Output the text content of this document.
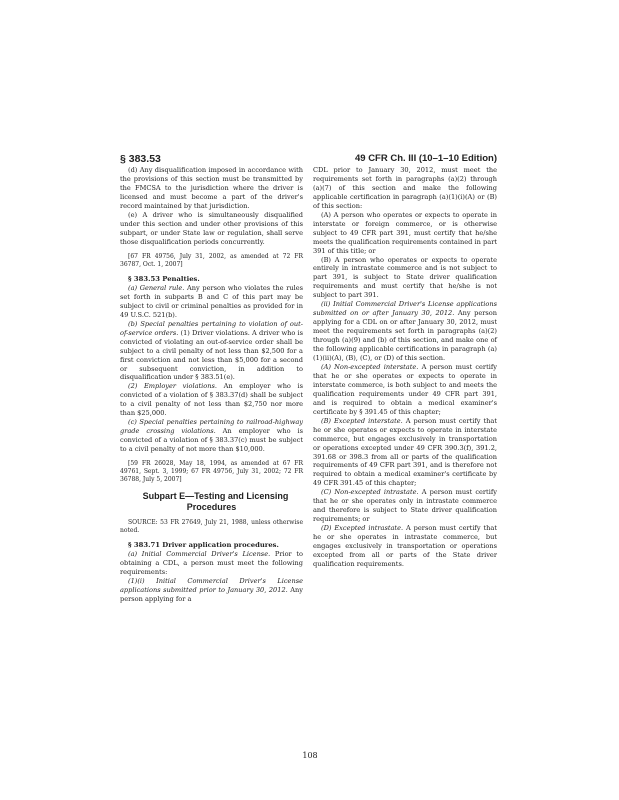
§ 383.53	49 CFR Ch. III (10–1–10 Edition)

(d) Any disqualification imposed in accordance with the provisions of this section must be transmitted by the FMCSA to the jurisdiction where the driver is licensed and must become a part of the driver's record maintained by that jurisdiction.

(e) A driver who is simultaneously disqualified under this section and under other provisions of this subpart, or under State law or regulation, shall serve those disqualification periods concurrently.

[67 FR 49756, July 31, 2002, as amended at 72 FR 36787, Oct. 1, 2007]

§ 383.53 Penalties.

(a) General rule. Any person who violates the rules set forth in subparts B and C of this part may be subject to civil or criminal penalties as provided for in 49 U.S.C. 521(b).

(b) Special penalties pertaining to violation of out-of-service orders. (1) Driver violations. A driver who is convicted of violating an out-of-service order shall be subject to a civil penalty of not less than $2,500 for a first conviction and not less than $5,000 for a second or subsequent conviction, in addition to disqualification under § 383.51(e).

(2) Employer violations. An employer who is convicted of a violation of § 383.37(d) shall be subject to a civil penalty of not less than $2,750 nor more than $25,000.

(c) Special penalties pertaining to railroad-highway grade crossing violations. An employer who is convicted of a violation of § 383.37(c) must be subject to a civil penalty of not more than $10,000.

[59 FR 26028, May 18, 1994, as amended at 67 FR 49761, Sept. 3, 1999; 67 FR 49756, July 31, 2002; 72 FR 36788, July 5, 2007]

Subpart E—Testing and Licensing Procedures

SOURCE: 53 FR 27649, July 21, 1988, unless otherwise noted.

§ 383.71 Driver application procedures.

(a) Initial Commercial Driver's License. Prior to obtaining a CDL, a person must meet the following requirements:

(1)(i) Initial Commercial Driver's License applications submitted prior to January 30, 2012. Any person applying for a

CDL prior to January 30, 2012, must meet the requirements set forth in paragraphs (a)(2) through (a)(7) of this section and make the following applicable certification in paragraph (a)(1)(i)(A) or (B) of this section:

(A) A person who operates or expects to operate in interstate or foreign commerce, or is otherwise subject to 49 CFR part 391, must certify that he/she meets the qualification requirements contained in part 391 of this title; or

(B) A person who operates or expects to operate entirely in intrastate commerce and is not subject to part 391, is subject to State driver qualification requirements and must certify that he/she is not subject to part 391.

(ii) Initial Commercial Driver's License applications submitted on or after January 30, 2012. Any person applying for a CDL on or after January 30, 2012, must meet the requirements set forth in paragraphs (a)(2) through (a)(9) and (b) of this section, and make one of the following applicable certifications in paragraph (a)(1)(ii)(A), (B), (C), or (D) of this section.

(A) Non-excepted interstate. A person must certify that he or she operates or expects to operate in interstate commerce, is both subject to and meets the qualification requirements under 49 CFR part 391, and is required to obtain a medical examiner's certificate by § 391.45 of this chapter;

(B) Excepted interstate. A person must certify that he or she operates or expects to operate in interstate commerce, but engages exclusively in transportation or operations excepted under 49 CFR 390.3(f), 391.2, 391.68 or 398.3 from all or parts of the qualification requirements of 49 CFR part 391, and is therefore not required to obtain a medical examiner's certificate by 49 CFR 391.45 of this chapter;

(C) Non-excepted intrastate. A person must certify that he or she operates only in intrastate commerce and therefore is subject to State driver qualification requirements; or

(D) Excepted intrastate. A person must certify that he or she operates in intrastate commerce, but engages exclusively in transportation or operations excepted from all or parts of the State driver qualification requirements.

108
